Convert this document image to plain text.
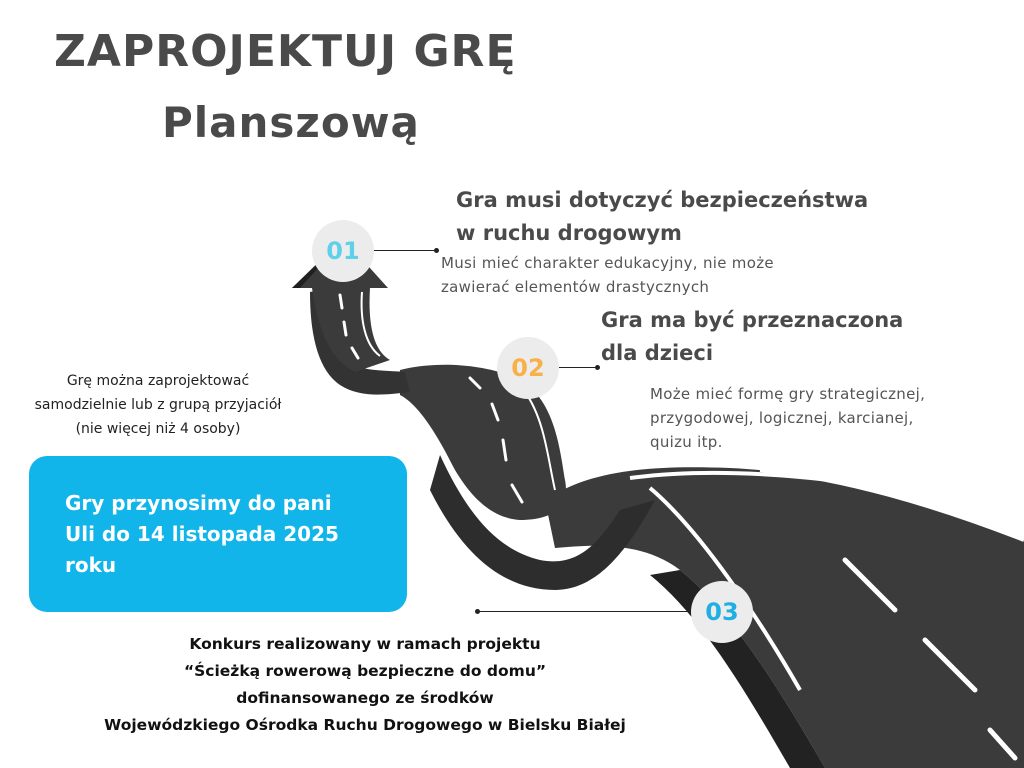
ZAPROJEKTUJ GRĘ
Planszową
01
02
03
Gra musi dotyczyć bezpieczeństwa
w ruchu drogowym
Musi mieć charakter edukacyjny, nie może
zawierać elementów drastycznych
Gra ma być przeznaczona
dla dzieci
Może mieć formę gry strategicznej,
przygodowej, logicznej, karcianej,
quizu itp.
Grę można zaprojektować
samodzielnie lub z grupą przyjaciół
(nie więcej niż 4 osoby)
Gry przynosimy do pani
Uli do 14 listopada 2025
roku
Konkurs realizowany w ramach projektu
“Ścieżką rowerową bezpieczne do domu”
dofinansowanego ze środków
Wojewódzkiego Ośrodka Ruchu Drogowego w Bielsku Białej
